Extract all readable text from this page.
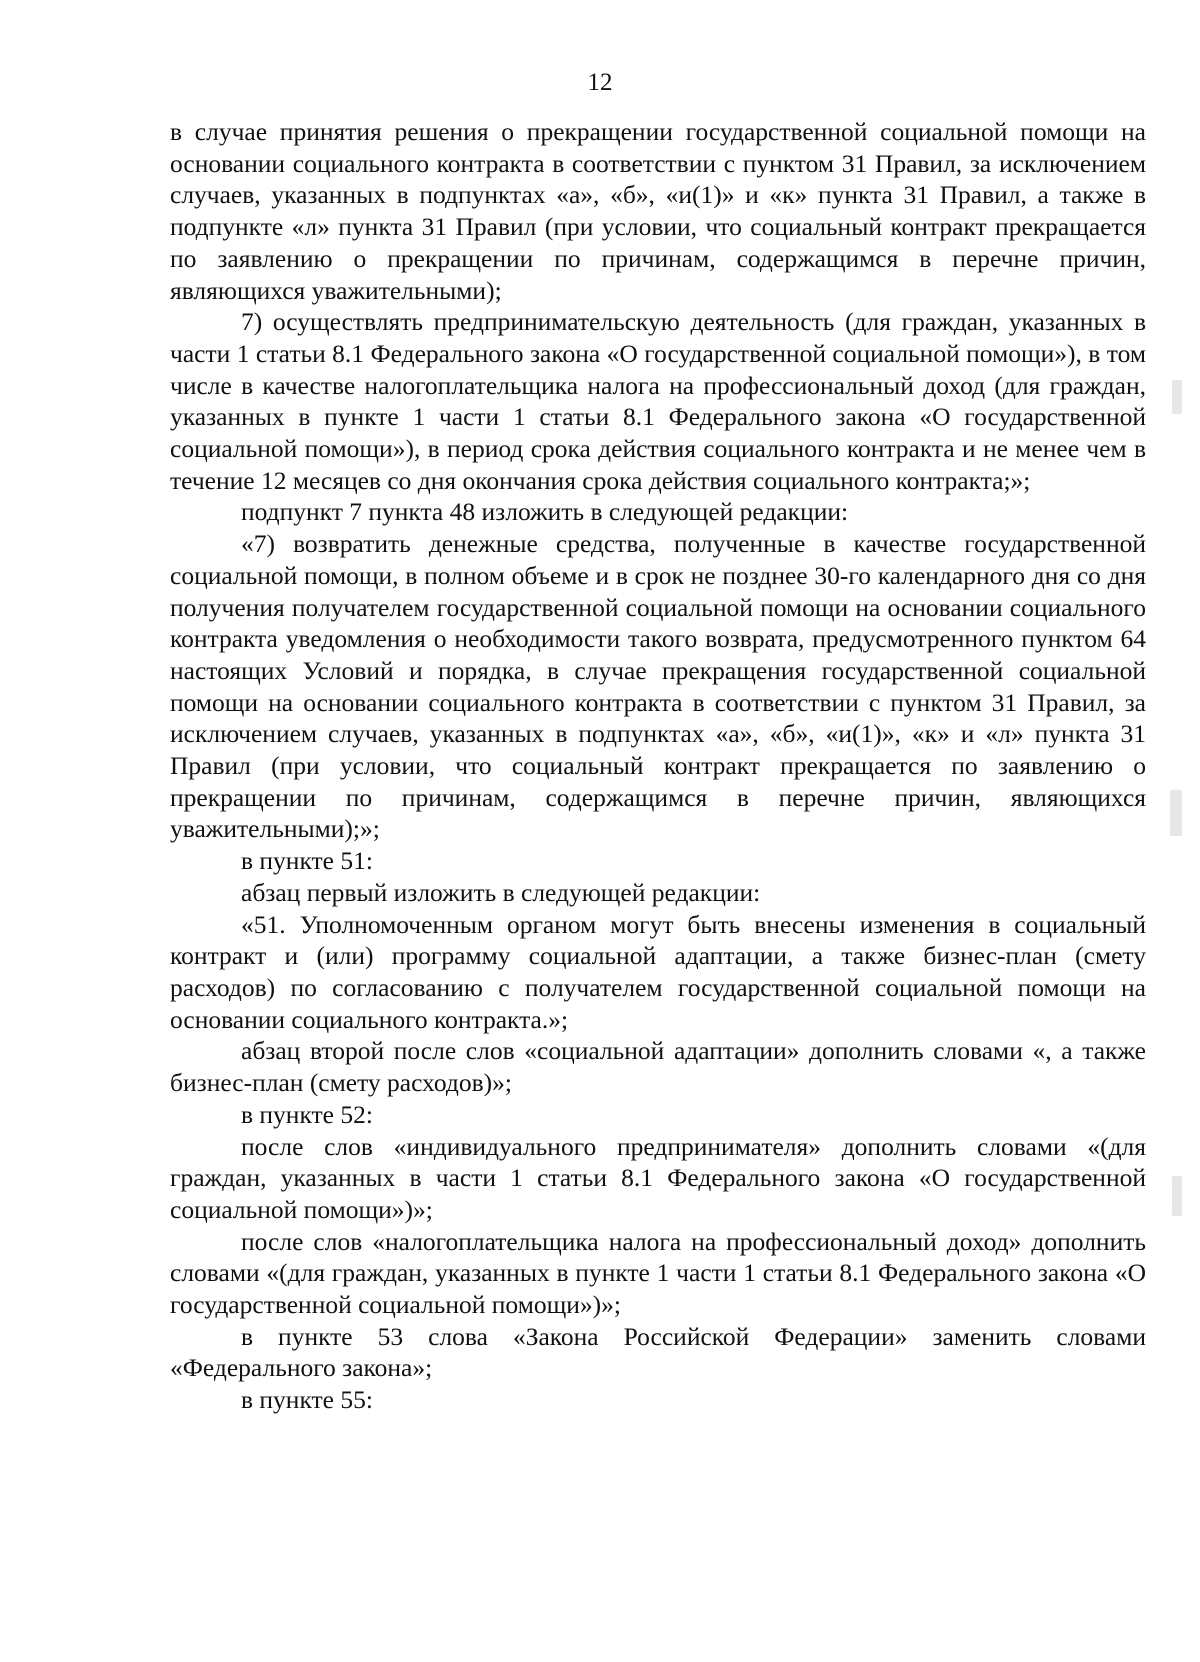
12

в случае принятия решения о прекращении государственной социальной помощи на основании социального контракта в соответствии с пунктом 31 Правил, за исключением случаев, указанных в подпунктах «а», «б», «и(1)» и «к» пункта 31 Правил, а также в подпункте «л» пункта 31 Правил (при условии, что социальный контракт прекращается по заявлению о прекращении по причинам, содержащимся в перечне причин, являющихся уважительными);

7) осуществлять предпринимательскую деятельность (для граждан, указанных в части 1 статьи 8.1 Федерального закона «О государственной социальной помощи»), в том числе в качестве налогоплательщика налога на профессиональный доход (для граждан, указанных в пункте 1 части 1 статьи 8.1 Федерального закона «О государственной социальной помощи»), в период срока действия социального контракта и не менее чем в течение 12 месяцев со дня окончания срока действия социального контракта;»;

подпункт 7 пункта 48 изложить в следующей редакции:

«7) возвратить денежные средства, полученные в качестве государственной социальной помощи, в полном объеме и в срок не позднее 30-го календарного дня со дня получения получателем государственной социальной помощи на основании социального контракта уведомления о необходимости такого возврата, предусмотренного пунктом 64 настоящих Условий и порядка, в случае прекращения государственной социальной помощи на основании социального контракта в соответствии с пунктом 31 Правил, за исключением случаев, указанных в подпунктах «а», «б», «и(1)», «к» и «л» пункта 31 Правил (при условии, что социальный контракт прекращается по заявлению о прекращении по причинам, содержащимся в перечне причин, являющихся уважительными);»;

в пункте 51:

абзац первый изложить в следующей редакции:

«51. Уполномоченным органом могут быть внесены изменения в социальный контракт и (или) программу социальной адаптации, а также бизнес-план (смету расходов) по согласованию с получателем государственной социальной помощи на основании социального контракта.»;

абзац второй после слов «социальной адаптации» дополнить словами «, а также бизнес-план (смету расходов)»;

в пункте 52:

после слов «индивидуального предпринимателя» дополнить словами «(для граждан, указанных в части 1 статьи 8.1 Федерального закона «О государственной социальной помощи»)»;

после слов «налогоплательщика налога на профессиональный доход» дополнить словами «(для граждан, указанных в пункте 1 части 1 статьи 8.1 Федерального закона «О государственной социальной помощи»)»;

в пункте 53 слова «Закона Российской Федерации» заменить словами «Федерального закона»;

в пункте 55:
